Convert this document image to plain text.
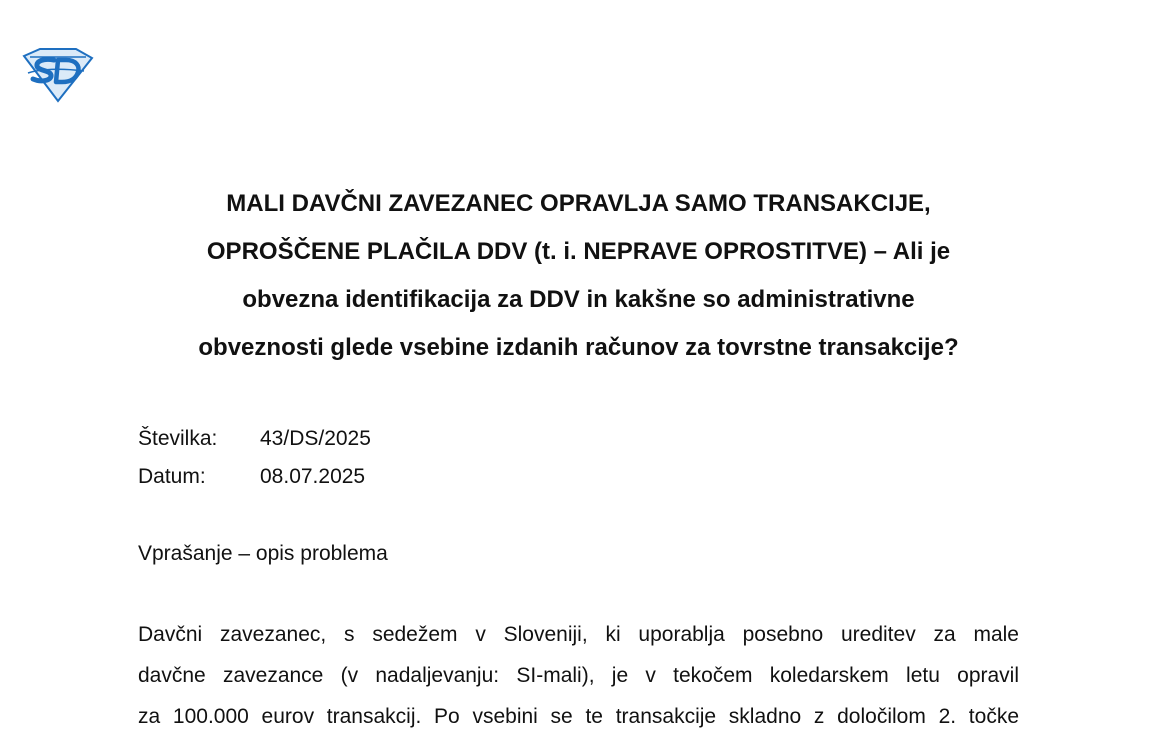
MALI DAVČNI ZAVEZANEC OPRAVLJA SAMO TRANSAKCIJE,
OPROŠČENE PLAČILA DDV (t. i. NEPRAVE OPROSTITVE) – Ali je
obvezna identifikacija za DDV in kakšne so administrativne
obveznosti glede vsebine izdanih računov za tovrstne transakcije?
Številka:	43/DS/2025
Datum:	08.07.2025
Vprašanje – opis problema
Davčni zavezanec, s sedežem v Sloveniji, ki uporablja posebno ureditev za male
davčne zavezance (v nadaljevanju: SI-mali), je v tekočem koledarskem letu opravil
za 100.000 eurov transakcij. Po vsebini se te transakcije skladno z določilom 2. točke
